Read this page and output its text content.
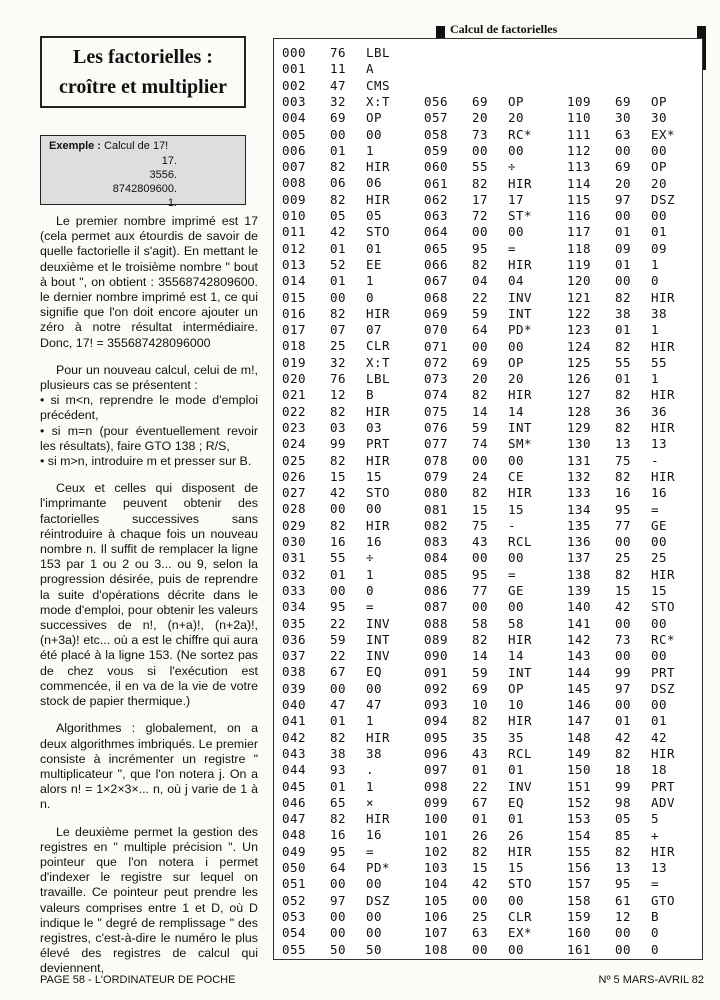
Les factorielles :
croître et multiplier
Exemple : Calcul de 17!
17.
3556.
8742809600.
1.

Le premier nombre imprimé est 17 (cela permet aux étourdis de savoir de quelle factorielle il s'agit). En mettant le deuxième et le troisième nombre " bout à bout ", on obtient : 35568742809600. le dernier nombre imprimé est 1, ce qui signifie que l'on doit encore ajouter un zéro à notre résultat intermédiaire. Donc, 17! = 355687428096000

Pour un nouveau calcul, celui de m!, plusieurs cas se présentent :

• si m<n, reprendre le mode d'emploi précédent,

• si m=n (pour éventuellement revoir les résultats), faire GTO 138 ; R/S,

• si m>n, introduire m et presser sur B.

Ceux et celles qui disposent de l'imprimante peuvent obtenir des factorielles successives sans réintroduire à chaque fois un nouveau nombre n. Il suffit de remplacer la ligne 153 par 1 ou 2 ou 3... ou 9, selon la progression désirée, puis de reprendre la suite d'opérations décrite dans le mode d'emploi, pour obtenir les valeurs successives de n!, (n+a)!, (n+2a)!, (n+3a)! etc... où a est le chiffre qui aura été placé à la ligne 153. (Ne sortez pas de chez vous si l'exécution est commencée, il en va de la vie de votre stock de papier thermique.)

Algorithmes : globalement, on a deux algorithmes imbriqués. Le premier consiste à incrémenter un registre " multiplicateur ", que l'on notera j. On a alors n! = 1×2×3×... n, où j varie de 1 à n.

Le deuxième permet la gestion des registres en " multiple précision ". Un pointeur que l'on notera i permet d'indexer le registre sur lequel on travaille. Ce pointeur peut prendre les valeurs comprises entre 1 et D, où D indique le " degré de remplissage " des registres, c'est-à-dire le numéro le plus élevé des registres de calcul qui deviennent,

Calcul de factorielles
000 76 LBL
001 11 A
002 47 CMS
003 32 X:T
004 69 OP
005 00 00
006 01 1
007 82 HIR
008 06 06
009 82 HIR
010 05 05
011 42 STO
012 01 01
013 52 EE
014 01 1
015 00 0
016 82 HIR
017 07 07
018 25 CLR
019 32 X:T
020 76 LBL
021 12 B
022 82 HIR
023 03 03
024 99 PRT
025 82 HIR
026 15 15
027 42 STO
028 00 00
029 82 HIR
030 16 16
031 55 ÷
032 01 1
033 00 0
034 95 =
035 22 INV
036 59 INT
037 22 INV
038 67 EQ
039 00 00
040 47 47
041 01 1
042 82 HIR
043 38 38
044 93 .
045 01 1
046 65 ×
047 82 HIR
048 16 16
049 95 =
050 64 PD*
051 00 00
052 97 DSZ
053 00 00
054 00 00
055 50 50
056 69 OP
057 20 20
058 73 RC*
059 00 00
060 55 ÷
061 82 HIR
062 17 17
063 72 ST*
064 00 00
065 95 =
066 82 HIR
067 04 04
068 22 INV
069 59 INT
070 64 PD*
071 00 00
072 69 OP
073 20 20
074 82 HIR
075 14 14
076 59 INT
077 74 SM*
078 00 00
079 24 CE
080 82 HIR
081 15 15
082 75 -
083 43 RCL
084 00 00
085 95 =
086 77 GE
087 00 00
088 58 58
089 82 HIR
090 14 14
091 59 INT
092 69 OP
093 10 10
094 82 HIR
095 35 35
096 43 RCL
097 01 01
098 22 INV
099 67 EQ
100 01 01
101 26 26
102 82 HIR
103 15 15
104 42 STO
105 00 00
106 25 CLR
107 63 EX*
108 00 00
109 69 OP
110 30 30
111 63 EX*
112 00 00
113 69 OP
114 20 20
115 97 DSZ
116 00 00
117 01 01
118 09 09
119 01 1
120 00 0
121 82 HIR
122 38 38
123 01 1
124 82 HIR
125 55 55
126 01 1
127 82 HIR
128 36 36
129 82 HIR
130 13 13
131 75 -
132 82 HIR
133 16 16
134 95 =
135 77 GE
136 00 00
137 25 25
138 82 HIR
139 15 15
140 42 STO
141 00 00
142 73 RC*
143 00 00
144 99 PRT
145 97 DSZ
146 00 00
147 01 01
148 42 42
149 82 HIR
150 18 18
151 99 PRT
152 98 ADV
153 05 5
154 85 +
155 82 HIR
156 13 13
157 95 =
158 61 GTO
159 12 B
160 00 0
161 00 0
PAGE 58 - L'ORDINATEUR DE POCHE	Nº 5 MARS-AVRIL 82
